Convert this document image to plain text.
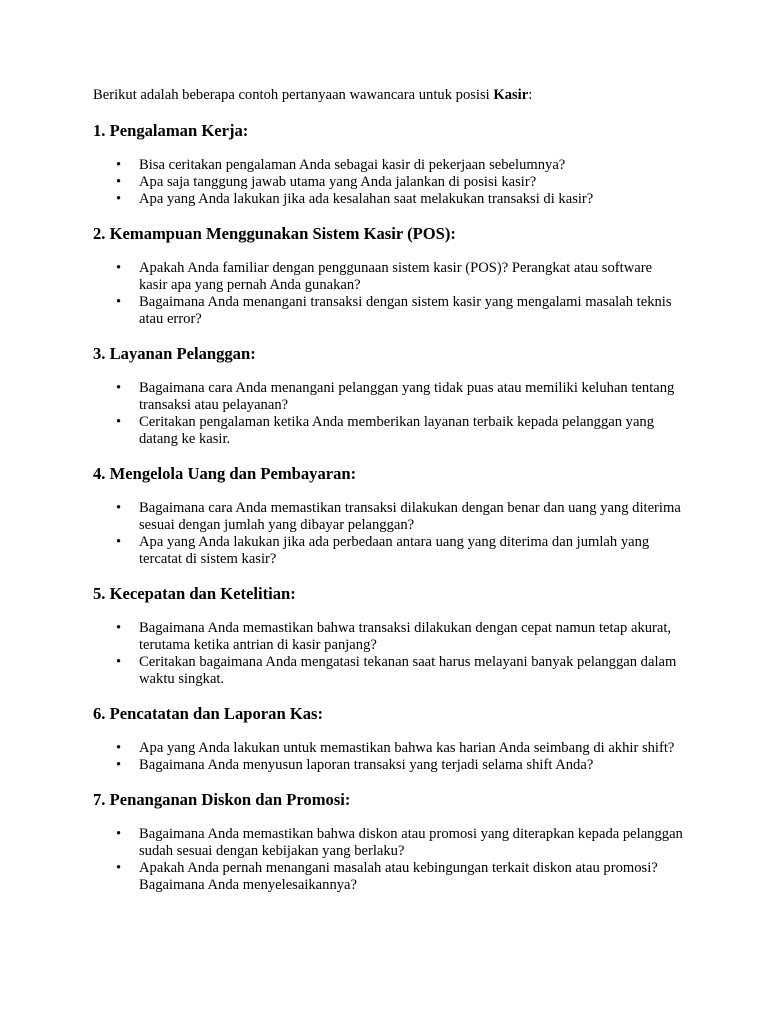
Berikut adalah beberapa contoh pertanyaan wawancara untuk posisi Kasir:

1. Pengalaman Kerja:
• Bisa ceritakan pengalaman Anda sebagai kasir di pekerjaan sebelumnya?
• Apa saja tanggung jawab utama yang Anda jalankan di posisi kasir?
• Apa yang Anda lakukan jika ada kesalahan saat melakukan transaksi di kasir?
2. Kemampuan Menggunakan Sistem Kasir (POS):
• Apakah Anda familiar dengan penggunaan sistem kasir (POS)? Perangkat atau software kasir apa yang pernah Anda gunakan?
• Bagaimana Anda menangani transaksi dengan sistem kasir yang mengalami masalah teknis atau error?
3. Layanan Pelanggan:
• Bagaimana cara Anda menangani pelanggan yang tidak puas atau memiliki keluhan tentang transaksi atau pelayanan?
• Ceritakan pengalaman ketika Anda memberikan layanan terbaik kepada pelanggan yang datang ke kasir.
4. Mengelola Uang dan Pembayaran:
• Bagaimana cara Anda memastikan transaksi dilakukan dengan benar dan uang yang diterima sesuai dengan jumlah yang dibayar pelanggan?
• Apa yang Anda lakukan jika ada perbedaan antara uang yang diterima dan jumlah yang tercatat di sistem kasir?
5. Kecepatan dan Ketelitian:
• Bagaimana Anda memastikan bahwa transaksi dilakukan dengan cepat namun tetap akurat, terutama ketika antrian di kasir panjang?
• Ceritakan bagaimana Anda mengatasi tekanan saat harus melayani banyak pelanggan dalam waktu singkat.
6. Pencatatan dan Laporan Kas:
• Apa yang Anda lakukan untuk memastikan bahwa kas harian Anda seimbang di akhir shift?
• Bagaimana Anda menyusun laporan transaksi yang terjadi selama shift Anda?
7. Penanganan Diskon dan Promosi:
• Bagaimana Anda memastikan bahwa diskon atau promosi yang diterapkan kepada pelanggan sudah sesuai dengan kebijakan yang berlaku?
• Apakah Anda pernah menangani masalah atau kebingungan terkait diskon atau promosi? Bagaimana Anda menyelesaikannya?
